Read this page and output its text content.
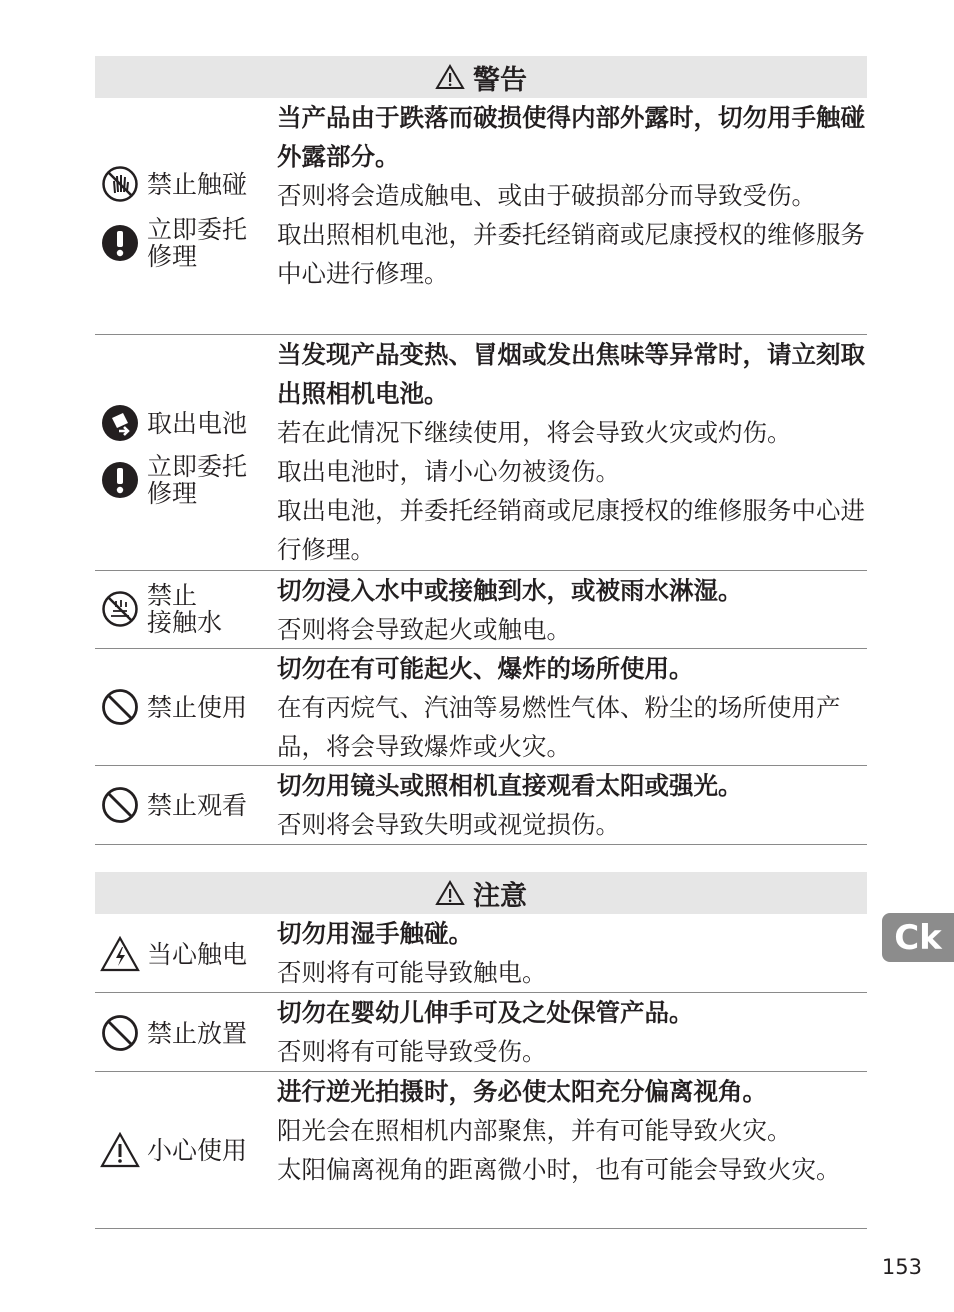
警告
禁止触碰
立即委托
修理

当产品由于跌落而破损使得内部外露时，切勿用手触碰外露部分。

否则将会造成触电、或由于破损部分而导致受伤。

取出照相机电池，并委托经销商或尼康授权的维修服务中心进行修理。

取出电池
立即委托
修理

当发现产品变热、冒烟或发出焦味等异常时，请立刻取出照相机电池。

若在此情况下继续使用，将会导致火灾或灼伤。

取出电池时，请小心勿被烫伤。

取出电池，并委托经销商或尼康授权的维修服务中心进行修理。

禁止
接触水

切勿浸入水中或接触到水，或被雨水淋湿。

否则将会导致起火或触电。

禁止使用

切勿在有可能起火、爆炸的场所使用。

在有丙烷气、汽油等易燃性气体、粉尘的场所使用产品，将会导致爆炸或火灾。

禁止观看

切勿用镜头或照相机直接观看太阳或强光。

否则将会导致失明或视觉损伤。

注意
当心触电

切勿用湿手触碰。

否则将有可能导致触电。

禁止放置

切勿在婴幼儿伸手可及之处保管产品。

否则将有可能导致受伤。

小心使用

进行逆光拍摄时，务必使太阳充分偏离视角。

阳光会在照相机内部聚焦，并有可能导致火灾。

太阳偏离视角的距离微小时，也有可能会导致火灾。

Ck
153
